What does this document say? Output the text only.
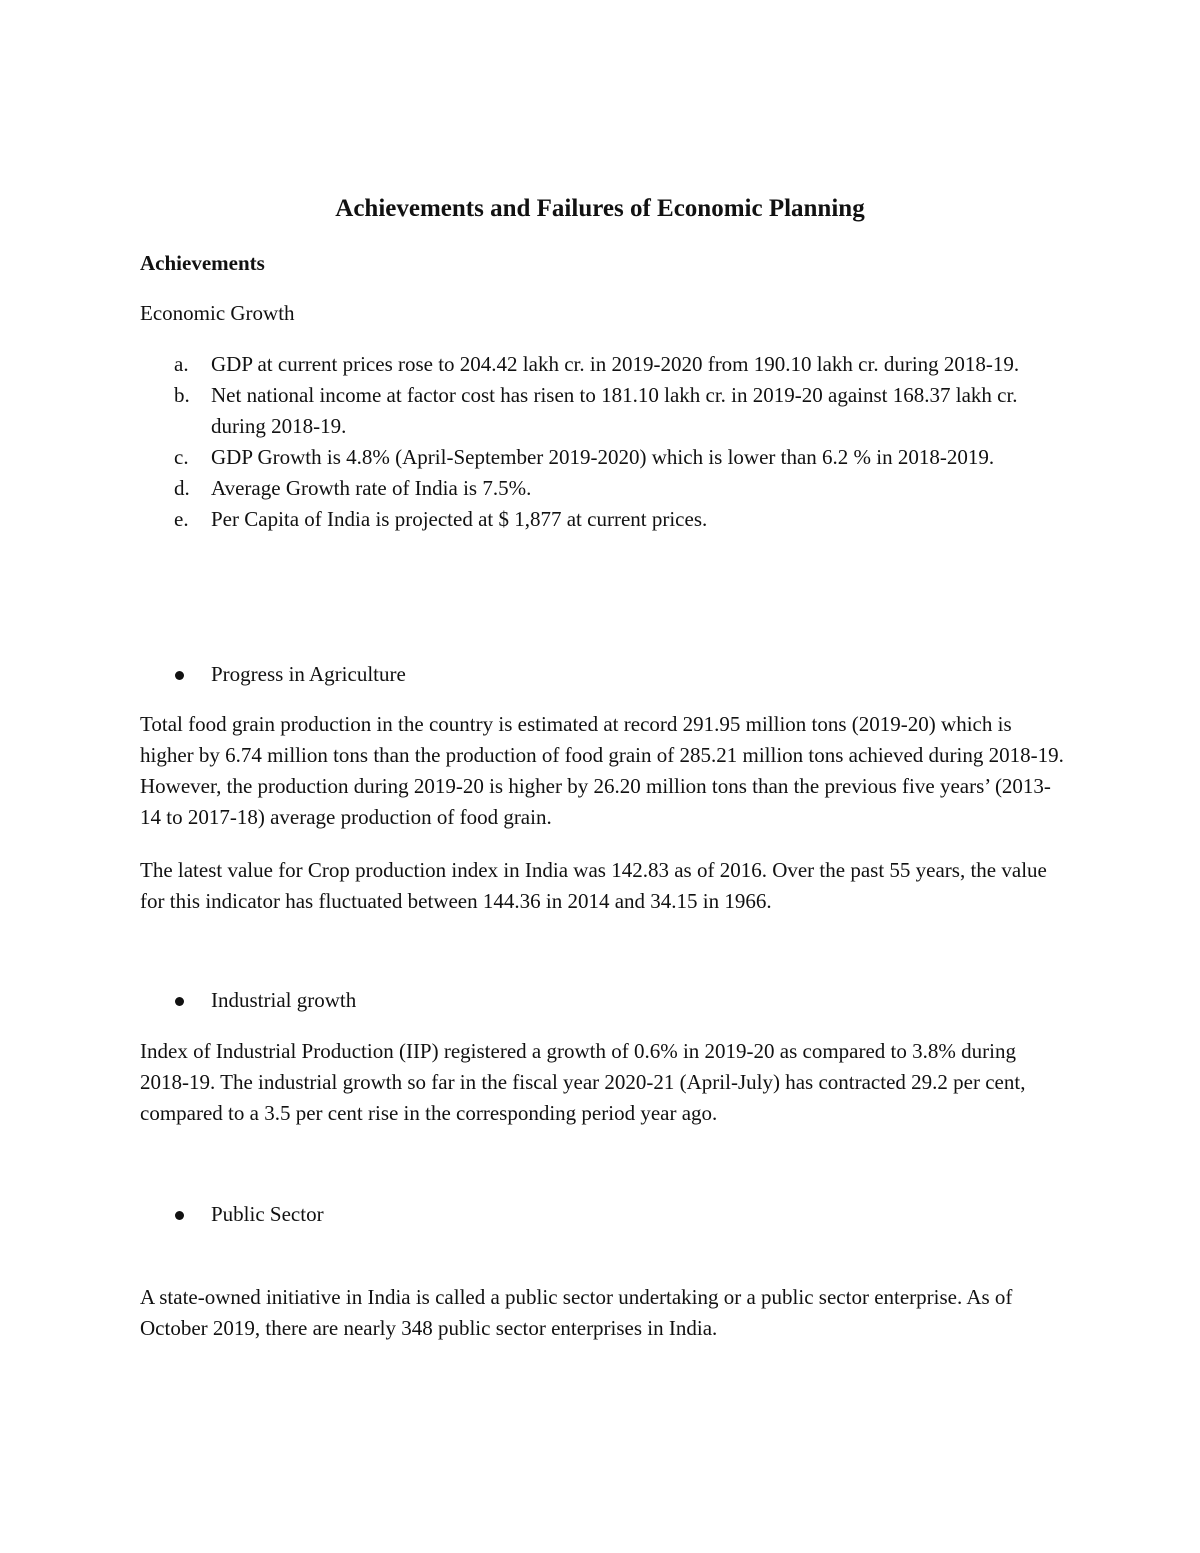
Achievements and Failures of Economic Planning
Achievements

Economic Growth

a. GDP at current prices rose to 204.42 lakh cr. in 2019-2020 from 190.10 lakh cr. during 2018-19.
b. Net national income at factor cost has risen to 181.10 lakh cr. in 2019-20 against 168.37 lakh cr. during 2018-19.
c. GDP Growth is 4.8% (April-September 2019-2020) which is lower than 6.2 % in 2018-2019.
d. Average Growth rate of India is 7.5%.
e. Per Capita of India is projected at $ 1,877 at current prices.
Progress in Agriculture

Total food grain production in the country is estimated at record 291.95 million tons (2019-20) which is higher by 6.74 million tons than the production of food grain of 285.21 million tons achieved during 2018-19. However, the production during 2019-20 is higher by 26.20 million tons than the previous five years’ (2013-14 to 2017-18) average production of food grain.

The latest value for Crop production index in India was 142.83 as of 2016. Over the past 55 years, the value for this indicator has fluctuated between 144.36 in 2014 and 34.15 in 1966.

Industrial growth

Index of Industrial Production (IIP) registered a growth of 0.6% in 2019-20 as compared to 3.8% during 2018-19. The industrial growth so far in the fiscal year 2020-21 (April-July) has contracted 29.2 per cent, compared to a 3.5 per cent rise in the corresponding period year ago.

Public Sector

A state-owned initiative in India is called a public sector undertaking or a public sector enterprise. As of October 2019, there are nearly 348 public sector enterprises in India.
